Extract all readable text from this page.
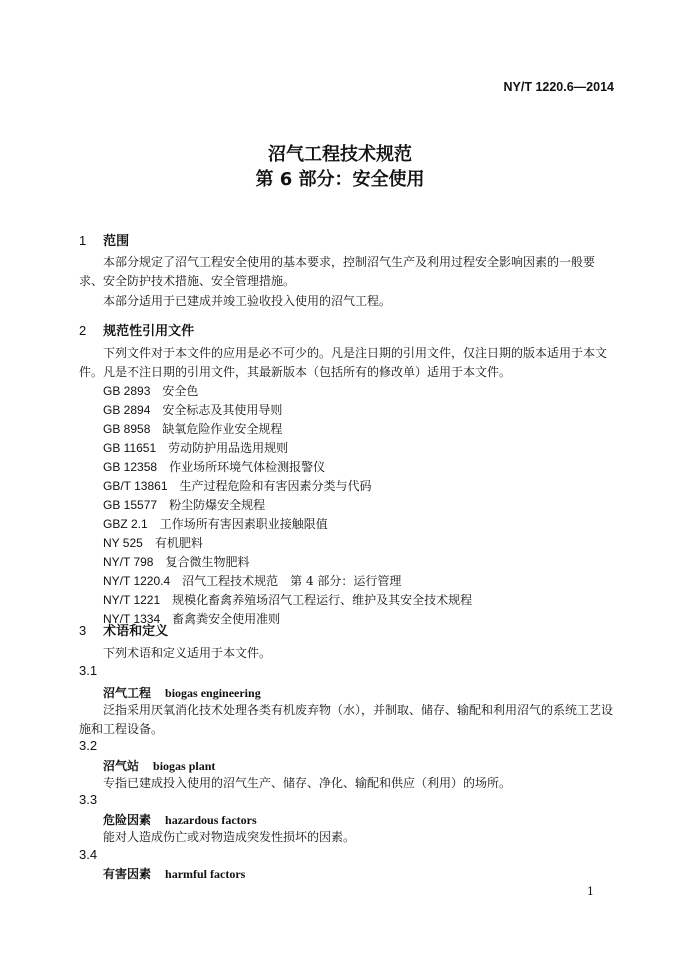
NY/T 1220.6—2014
沼气工程技术规范
第 6 部分：安全使用
1 范围
本部分规定了沼气工程安全使用的基本要求，控制沼气生产及利用过程安全影响因素的一般要求、安全防护技术措施、安全管理措施。
本部分适用于已建成并竣工验收投入使用的沼气工程。
2 规范性引用文件
下列文件对于本文件的应用是必不可少的。凡是注日期的引用文件，仅注日期的版本适用于本文件。凡是不注日期的引用文件，其最新版本（包括所有的修改单）适用于本文件。
GB 2893　 安全色
GB 2894　 安全标志及其使用导则
GB 8958　 缺氧危险作业安全规程
GB 11651　 劳动防护用品选用规则
GB 12358　 作业场所环境气体检测报警仪
GB/T 13861　 生产过程危险和有害因素分类与代码
GB 15577　 粉尘防爆安全规程
GBZ 2.1　 工作场所有害因素职业接触限值
NY 525　 有机肥料
NY/T 798　 复合微生物肥料
NY/T 1220.4　 沼气工程技术规范　第 4 部分：运行管理
NY/T 1221　 规模化畜禽养殖场沼气工程运行、维护及其安全技术规程
NY/T 1334　 畜禽粪安全使用准则
3 术语和定义
下列术语和定义适用于本文件。
3.1
沼气工程 biogas engineering
泛指采用厌氧消化技术处理各类有机废弃物（水），并制取、储存、输配和利用沼气的系统工艺设施和工程设备。
3.2
沼气站 biogas plant
专指已建成投入使用的沼气生产、储存、净化、输配和供应（利用）的场所。
3.3
危险因素 hazardous factors
能对人造成伤亡或对物造成突发性损坏的因素。
3.4
有害因素 harmful factors
1
